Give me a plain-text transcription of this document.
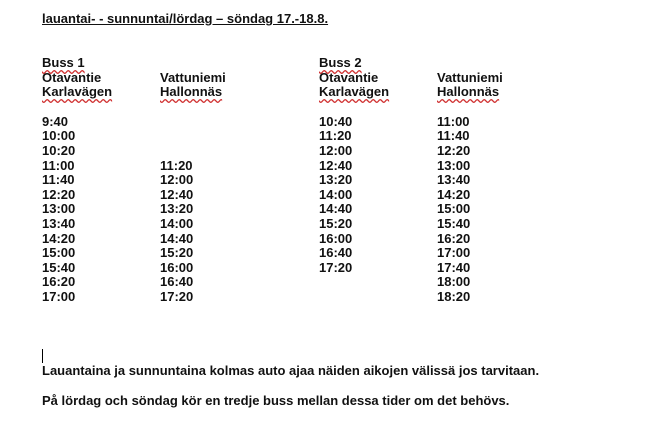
lauantai- - sunnuntai/lördag – söndag 17.-18.8.
Buss 1
Otavantie
Karlavägen
9:40
10:00
10:20
11:00
11:40
12:20
13:00
13:40
14:20
15:00
15:40
16:20
17:00

Vattuniemi
Hallonnäs
11:20
12:00
12:40
13:20
14:00
14:40
15:20
16:00
16:40
17:20
Buss 2
Otavantie
Karlavägen
10:40
11:20
12:00
12:40
13:20
14:00
14:40
15:20
16:00
16:40
17:20

Vattuniemi
Hallonnäs
11:00
11:40
12:20
13:00
13:40
14:20
15:00
15:40
16:20
17:00
17:40
18:00
18:20
Lauantaina ja sunnuntaina kolmas auto ajaa näiden aikojen välissä jos tarvitaan.
På lördag och söndag kör en tredje buss mellan dessa tider om det behövs.
